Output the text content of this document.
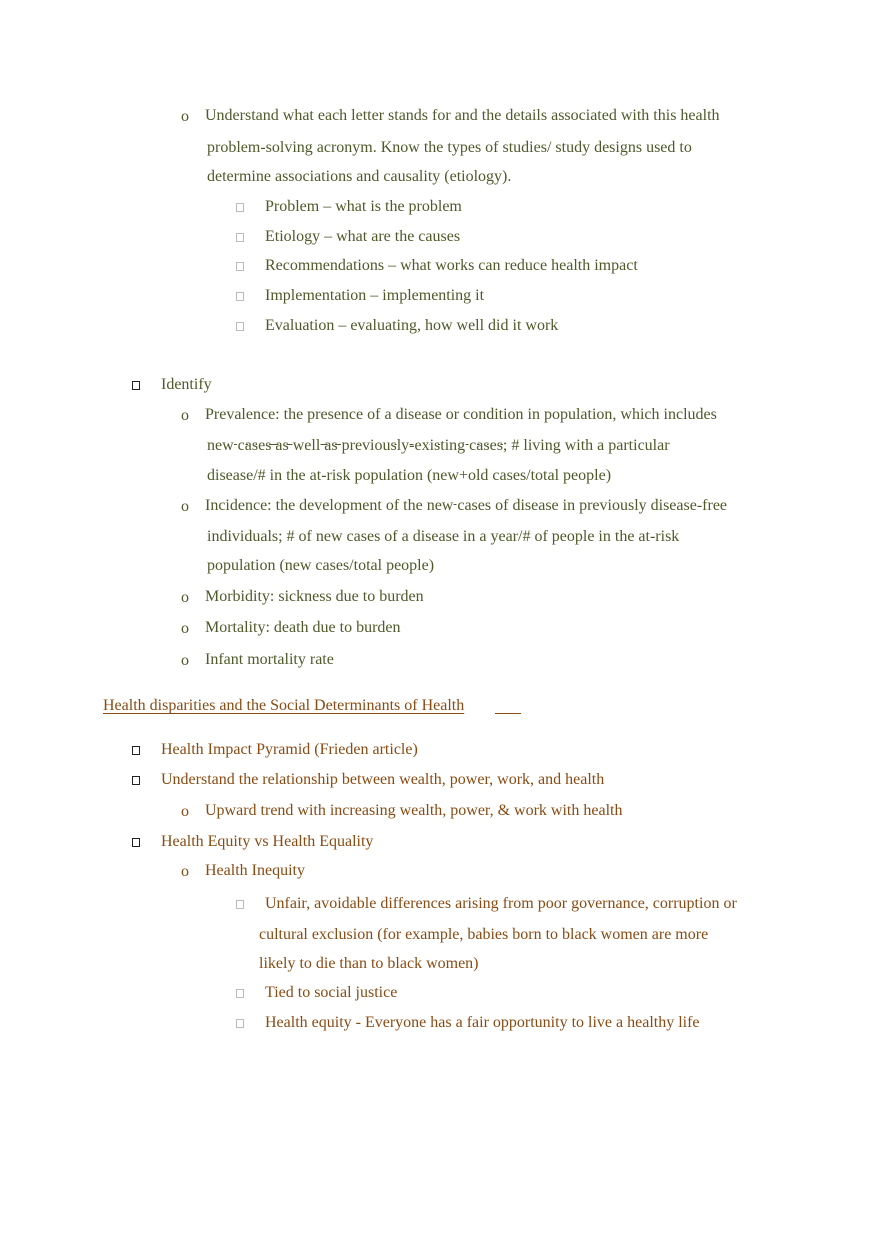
o Understand what each letter stands for and the details associated with this health
problem-solving acronym. Know the types of studies/ study designs used to
determine associations and causality (etiology).
Problem – what is the problem
Etiology – what are the causes
Recommendations – what works can reduce health impact
Implementation – implementing it
Evaluation – evaluating, how well did it work
Identify
o Prevalence: the presence of a disease or condition in population, which includes
new cases as well as previously-existing cases; # living with a particular
disease/# in the at-risk population (new+old cases/total people)
o Incidence: the development of the new cases of disease in previously disease-free
individuals; # of new cases of a disease in a year/# of people in the at-risk
population (new cases/total people)
o Morbidity: sickness due to burden
o Mortality: death due to burden
o Infant mortality rate
Health disparities and the Social Determinants of Health
Health Impact Pyramid (Frieden article)
Understand the relationship between wealth, power, work, and health
o Upward trend with increasing wealth, power, & work with health
Health Equity vs Health Equality
o Health Inequity
Unfair, avoidable differences arising from poor governance, corruption or
cultural exclusion (for example, babies born to black women are more
likely to die than to black women)
Tied to social justice
Health equity - Everyone has a fair opportunity to live a healthy life
